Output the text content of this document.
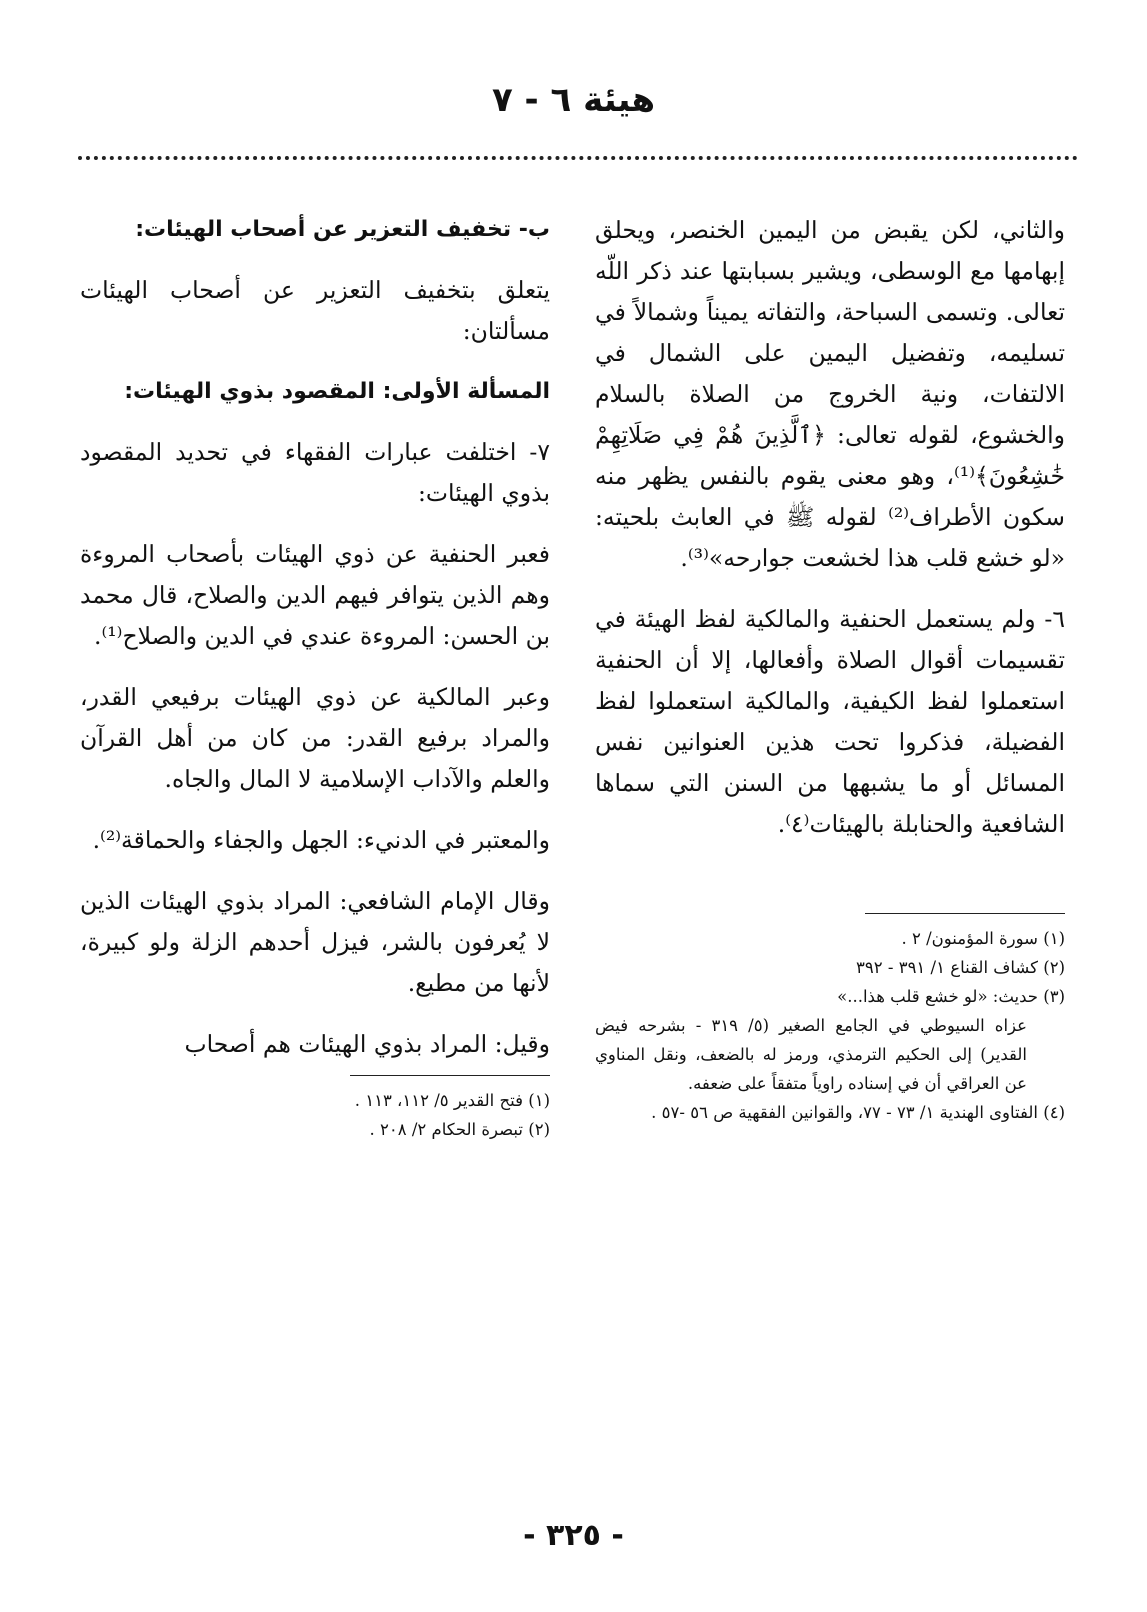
هيئة ٦ - ٧

والثاني، لكن يقبض من اليمين الخنصر، ويحلق إبهامها مع الوسطى، ويشير بسبابتها عند ذكر اللّه تعالى. وتسمى السباحة، والتفاته يميناً وشمالاً في تسليمه، وتفضيل اليمين على الشمال في الالتفات، ونية الخروج من الصلاة بالسلام والخشوع، لقوله تعالى: ﴿ٱلَّذِينَ هُمْ فِي صَلَاتِهِمْ خَٰشِعُونَ﴾⁽¹⁾، وهو معنى يقوم بالنفس يظهر منه سكون الأطراف⁽²⁾ لقوله ﷺ في العابث بلحيته: «لو خشع قلب هذا لخشعت جوارحه»⁽³⁾.

٦- ولم يستعمل الحنفية والمالكية لفظ الهيئة في تقسيمات أقوال الصلاة وأفعالها، إلا أن الحنفية استعملوا لفظ الكيفية، والمالكية استعملوا لفظ الفضيلة، فذكروا تحت هذين العنوانين نفس المسائل أو ما يشبهها من السنن التي سماها الشافعية والحنابلة بالهيئات⁽٤⁾.

(١) سورة المؤمنون/ ٢ .

(٢) كشاف القناع ١/ ٣٩١ - ٣٩٢

(٣) حديث: «لو خشع قلب هذا...»

عزاه السيوطي في الجامع الصغير (٥/ ٣١٩ - بشرحه فيض القدير) إلى الحكيم الترمذي، ورمز له بالضعف، ونقل المناوي عن العراقي أن في إسناده راوياً متفقاً على ضعفه.

(٤) الفتاوى الهندية ١/ ٧٣ - ٧٧، والقوانين الفقهية ص ٥٦ -٥٧ .

ب- تخفيف التعزير عن أصحاب الهيئات:

يتعلق بتخفيف التعزير عن أصحاب الهيئات مسألتان:

المسألة الأولى: المقصود بذوي الهيئات:

٧- اختلفت عبارات الفقهاء في تحديد المقصود بذوي الهيئات:

فعبر الحنفية عن ذوي الهيئات بأصحاب المروءة وهم الذين يتوافر فيهم الدين والصلاح، قال محمد بن الحسن: المروءة عندي في الدين والصلاح⁽¹⁾.

وعبر المالكية عن ذوي الهيئات برفيعي القدر، والمراد برفيع القدر: من كان من أهل القرآن والعلم والآداب الإسلامية لا المال والجاه.

والمعتبر في الدنيء: الجهل والجفاء والحماقة⁽²⁾.

وقال الإمام الشافعي: المراد بذوي الهيئات الذين لا يُعرفون بالشر، فيزل أحدهم الزلة ولو كبيرة، لأنها من مطيع.

وقيل: المراد بذوي الهيئات هم أصحاب

(١) فتح القدير ٥/ ١١٢، ١١٣ .

(٢) تبصرة الحكام ٢/ ٢٠٨ .

- ٣٢٥ -
